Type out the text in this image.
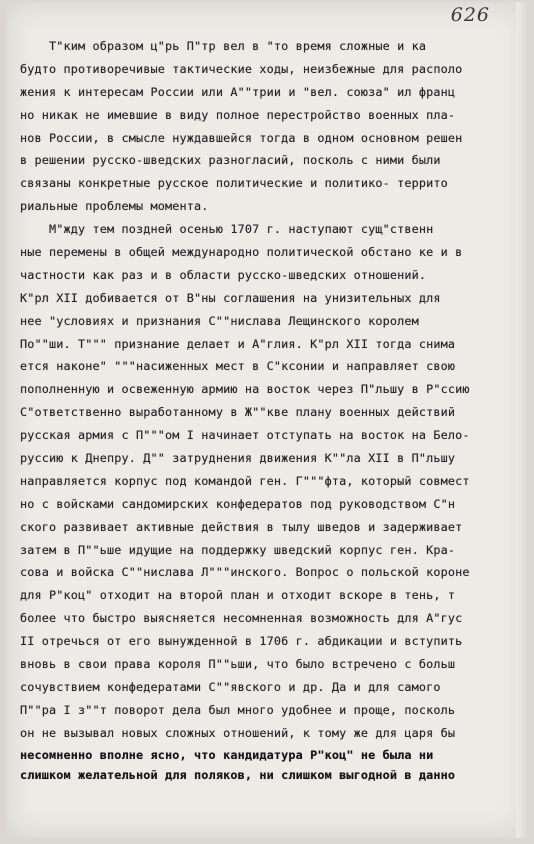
626
Т"ким образом ц"рь П"тр вел в "то время сложные и ка
будто противоречивые тактические ходы, неизбежные для располо
жения к интересам России или А""трии и "вел. союза" ил франц
но никак не имевшие в виду полное перестройство военных пла-
нов России, в смысле нуждавшейся тогда в одном основном решен
в решении русско-шведских разногласий, посколь с ними были
связаны конкретные русское политические и политико- террито
риальные проблемы момента.
М"жду тем поздней осенью 1707 г. наступают сущ"ственн
ные перемены в общей международно политической обстано ке и в
частности как раз и в области русско-шведских отношений.
К"рл XII добивается от В"ны соглашения на унизительных для
нее "условиях и признания С""нислава Лещинского королем
По""ши. Т""" признание делает и А"глия. К"рл XII тогда снима
ется наконе" """насиженных мест в С"ксонии и направляет свою
пополненную и освеженную армию на восток через П"льшу в Р"ссию
С"ответственно выработанному в Ж""кве плану военных действий
русская армия с П"""ом I начинает отступать на восток на Бело-
руссию к Днепру. Д"" затруднения движения К""ла XII в П"льшу
направляется корпус под командой ген. Г"""фта, который совмест
но с войсками сандомирских конфедератов под руководством С"н
ского развивает активные действия в тылу шведов и задерживает
затем в П""ьше идущие на поддержку шведский корпус ген. Кра-
сова и войска С""нислава Л"""инского. Вопрос о польской короне
для Р"коц" отходит на второй план и отходит вскоре в тень, т
более что быстро выясняется несомненная возможность для А"гус
II отречься от его вынужденной в 1706 г. абдикации и вступить
вновь в свои права короля П""ьши, что было встречено с больш
сочувствием конфедератами С""явского и др. Да и для самого
П""ра I з""т поворот дела был много удобнее и проще, посколь
он не вызывал новых сложных отношений, к тому же для царя бы
несомненно вполне ясно, что кандидатура Р"коц" не была ни
слишком желательной для поляков, ни слишком выгодной в данно
